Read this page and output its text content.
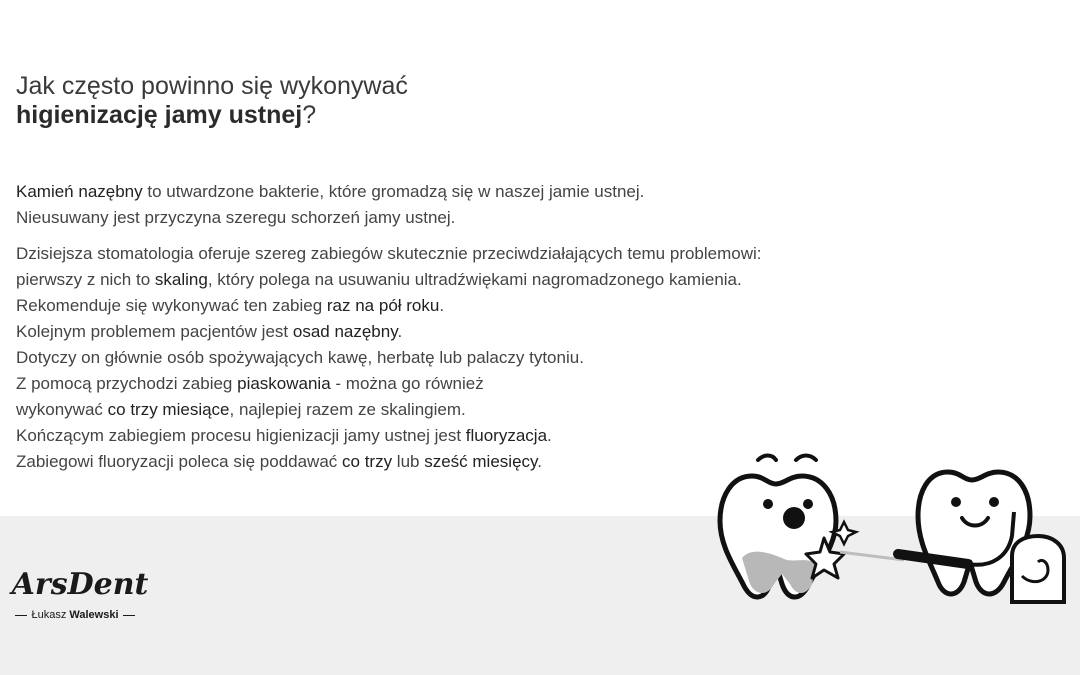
Jak często powinno się wykonywać
higienizację jamy ustnej?

Kamień nazębny to utwardzone bakterie, które gromadzą się w naszej jamie ustnej.
Nieusuwany jest przyczyna szeregu schorzeń jamy ustnej.

Dzisiejsza stomatologia oferuje szereg zabiegów skutecznie przeciwdziałających temu problemowi:
pierwszy z nich to skaling, który polega na usuwaniu ultradźwiękami nagromadzonego kamienia.
Rekomenduje się wykonywać ten zabieg raz na pół roku.
Kolejnym problemem pacjentów jest osad nazębny.
Dotyczy on głównie osób spożywających kawę, herbatę lub palaczy tytoniu.
Z pomocą przychodzi zabieg piaskowania - można go również
wykonywać co trzy miesiące, najlepiej razem ze skalingiem.
Kończącym zabiegiem procesu higienizacji jamy ustnej jest fluoryzacja.
Zabiegowi fluoryzacji poleca się poddawać co trzy lub sześć miesięcy.

ArsDent
Łukasz Walewski
